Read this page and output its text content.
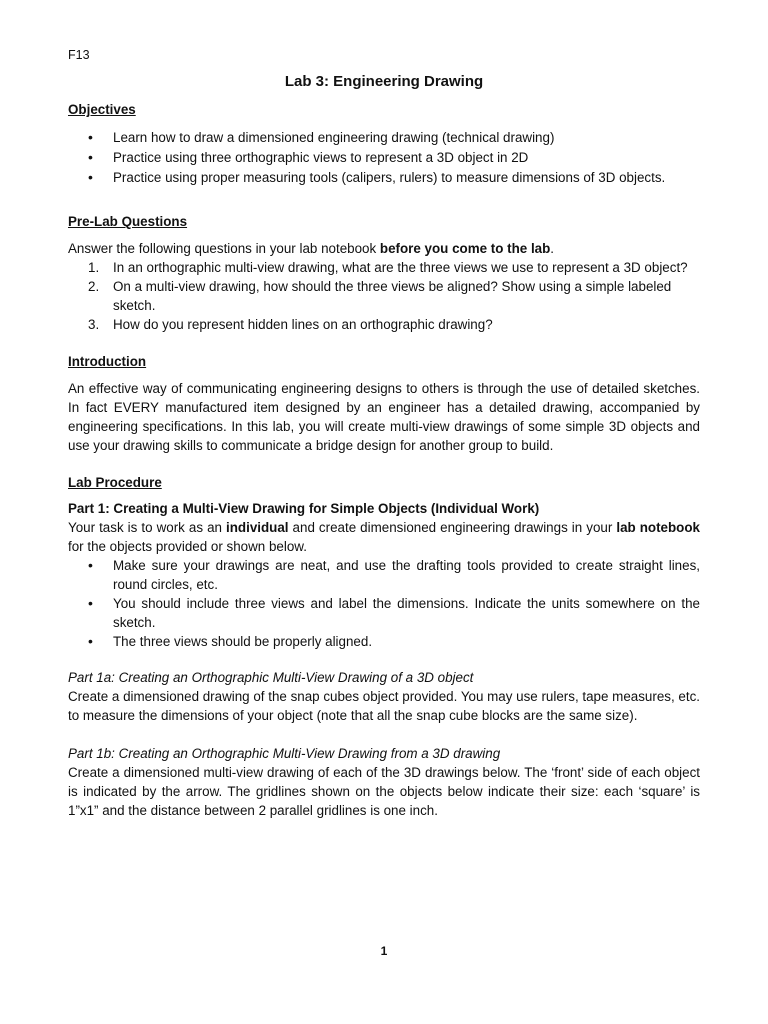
F13
Lab 3: Engineering Drawing

Objectives

• Learn how to draw a dimensioned engineering drawing (technical drawing)
• Practice using three orthographic views to represent a 3D object in 2D
• Practice using proper measuring tools (calipers, rulers) to measure dimensions of 3D objects.

Pre-Lab Questions

Answer the following questions in your lab notebook before you come to the lab.

1. In an orthographic multi-view drawing, what are the three views we use to represent a 3D object?
2. On a multi-view drawing, how should the three views be aligned? Show using a simple labeled sketch.
3. How do you represent hidden lines on an orthographic drawing?

Introduction

An effective way of communicating engineering designs to others is through the use of detailed sketches. In fact EVERY manufactured item designed by an engineer has a detailed drawing, accompanied by engineering specifications. In this lab, you will create multi-view drawings of some simple 3D objects and use your drawing skills to communicate a bridge design for another group to build.

Lab Procedure

Part 1: Creating a Multi-View Drawing for Simple Objects (Individual Work)

Your task is to work as an individual and create dimensioned engineering drawings in your lab notebook for the objects provided or shown below.

• Make sure your drawings are neat, and use the drafting tools provided to create straight lines, round circles, etc.
• You should include three views and label the dimensions. Indicate the units somewhere on the sketch.
• The three views should be properly aligned.

Part 1a: Creating an Orthographic Multi-View Drawing of a 3D object

Create a dimensioned drawing of the snap cubes object provided. You may use rulers, tape measures, etc. to measure the dimensions of your object (note that all the snap cube blocks are the same size).

Part 1b: Creating an Orthographic Multi-View Drawing from a 3D drawing

Create a dimensioned multi-view drawing of each of the 3D drawings below. The ‘front’ side of each object is indicated by the arrow. The gridlines shown on the objects below indicate their size: each ‘square’ is 1”x1” and the distance between 2 parallel gridlines is one inch.

1
